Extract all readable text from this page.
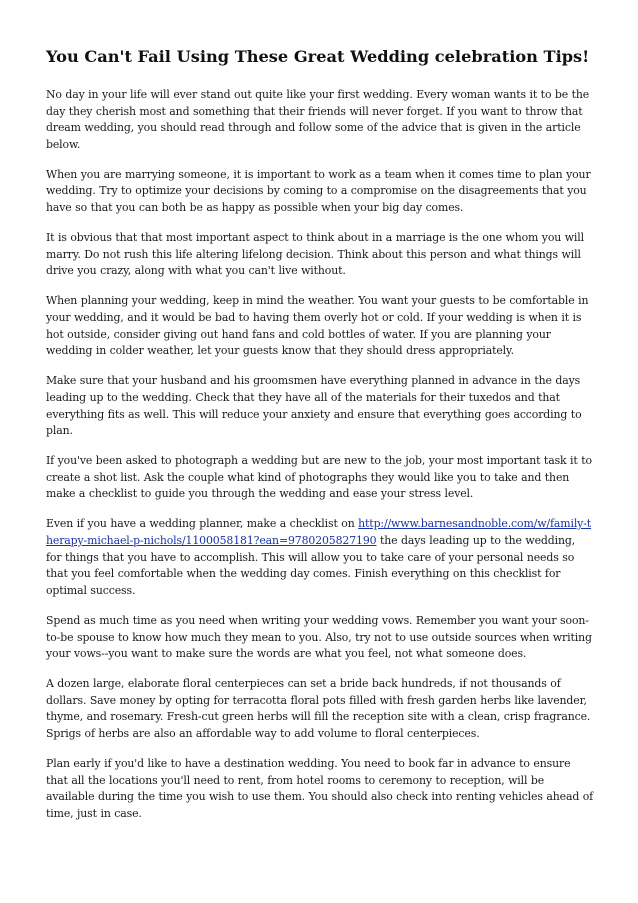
You Can't Fail Using These Great Wedding celebration Tips!

No day in your life will ever stand out quite like your first wedding. Every woman wants it to be the day they cherish most and something that their friends will never forget. If you want to throw that dream wedding, you should read through and follow some of the advice that is given in the article below.

When you are marrying someone, it is important to work as a team when it comes time to plan your wedding. Try to optimize your decisions by coming to a compromise on the disagreements that you have so that you can both be as happy as possible when your big day comes.

It is obvious that that most important aspect to think about in a marriage is the one whom you will marry. Do not rush this life altering lifelong decision. Think about this person and what things will drive you crazy, along with what you can't live without.

When planning your wedding, keep in mind the weather. You want your guests to be comfortable in your wedding, and it would be bad to having them overly hot or cold. If your wedding is when it is hot outside, consider giving out hand fans and cold bottles of water. If you are planning your wedding in colder weather, let your guests know that they should dress appropriately.

Make sure that your husband and his groomsmen have everything planned in advance in the days leading up to the wedding. Check that they have all of the materials for their tuxedos and that everything fits as well. This will reduce your anxiety and ensure that everything goes according to plan.

If you've been asked to photograph a wedding but are new to the job, your most important task it to create a shot list. Ask the couple what kind of photographs they would like you to take and then make a checklist to guide you through the wedding and ease your stress level.

Even if you have a wedding planner, make a checklist on http://www.barnesandnoble.com/w/family-therapy-michael-p-nichols/1100058181?ean=9780205827190 the days leading up to the wedding, for things that you have to accomplish. This will allow you to take care of your personal needs so that you feel comfortable when the wedding day comes. Finish everything on this checklist for optimal success.

Spend as much time as you need when writing your wedding vows. Remember you want your soon-to-be spouse to know how much they mean to you. Also, try not to use outside sources when writing your vows--you want to make sure the words are what you feel, not what someone does.

A dozen large, elaborate floral centerpieces can set a bride back hundreds, if not thousands of dollars. Save money by opting for terracotta floral pots filled with fresh garden herbs like lavender, thyme, and rosemary. Fresh-cut green herbs will fill the reception site with a clean, crisp fragrance. Sprigs of herbs are also an affordable way to add volume to floral centerpieces.

Plan early if you'd like to have a destination wedding. You need to book far in advance to ensure that all the locations you'll need to rent, from hotel rooms to ceremony to reception, will be available during the time you wish to use them. You should also check into renting vehicles ahead of time, just in case.
